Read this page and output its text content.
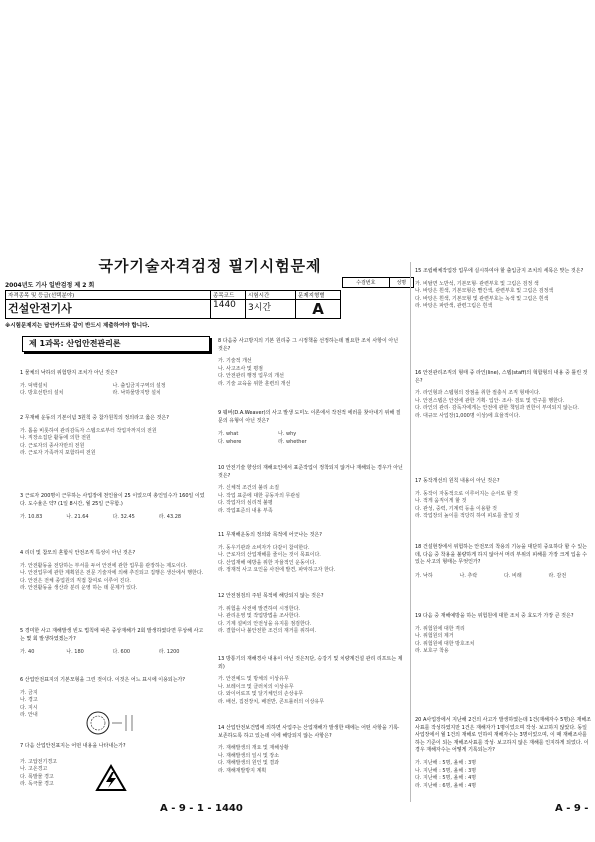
국가기술자격검정 필기시험문제
2004년도 기사 일반검정 제 2 회	수검번호	성명
자격종목 및 등급(선택분야)	종목코드	시험시간	문제지형별	
건설안전기사	1440	3시간	A	
※시험문제지는 답안카드와 같이 반드시 제출하여야 합니다.
제 1과목: 산업안전관리론
1 물체의 낙하의 위험방지 조치가 아닌 것은?
가. 덕백설치	나. 출입금지구역의 설정
다. 방호선반의 설치	라. 낙하물방지망 설치
2 무재해 운동의 기본이념 3원칙 중 참가원칙의 정의라고 옳은 것은?
가. 톱을 비롯하여 관리감독자 스텝으로부터 작업자까지의 전원
나. 직장소집단 활동에 의한 전원
다. 근로자의 종사자만의 전원
라. 근로자 가족까지 포함하여 전원
3 근로자 200명이 근무하는 사업장에 천인율이 25 이었으며 총인일수가 160일 이었다. 도수율은 약? (1일 8시간, 월 25일 근무함.)
가. 10.83	나. 21.64	다. 32.45	라. 43.28
4 리더 및 참모의 혼합식 안전조직 특성이 아닌 것은?
가. 안전활동을 전담하는 부서를 두어 안전에 관한 업무를 관장하는 제도이다.
나. 안전업무에 관한 계획원은 전문 기술자에 의해 추진되고 집행은 생산에서 행한다.
다. 안전은 전체 종업원의 직접 참여로 이루어 진다.
라. 안전활동을 생산과 분리 운영 하는 데 문제가 있다.
5 경미한 사고 재해발생 빈도 법칙에 따른 중상재해가 2회 발생하였다면 무상해 사고는 몇 회 발생하였겠는가?
가. 40	나. 180	다. 600	라. 1200
6 산업안전표지의 기본모형을 그린 것이다. 이것은 어느 표시에 이용되는가?
가. 금지
나. 경고
다. 지시
라. 안내
7 다음 산업안전표지는 어떤 내용을 나타내는가?
가. 고압전기경고
나. 고온경고
다. 폭발물 경고
라. 독극물 경고
8 다음중 사고방지의 기본 원리중 그 시정책을 선정하는데 필요한 조치 사항이 아닌 것은?
가. 기술적 개선
나. 사고조사 및 평점
다. 안전관리 행정 업무의 개선
라. 기술 교육을 위한 훈련의 개선
9 웨버(D.A.Weaver)의 사고 발생 도미노 이론에서 작전적 에러를 찾아내기 위해 질문의 유형이 아닌 것은?
가. what	나. why
다. where	라. whether
10 안전기술 향상의 재해요인에서 표준작업이 정착되지 않거나 재해되는 경우가 아닌 것은?
가. 신체적 조건의 불리 소질
나. 작업 표준에 대한 공동자의 무관심
다. 작업자의 심리적 불평
라. 작업표준의 내용 부족
11 무재해운동의 정의와 목적에 어긋나는 것은?
가. 동우기관과 소비자가 다같이 참여한다.
나. 근로자의 산업재해를 줄이는 것이 목표이다.
다. 산업재해 예방을 위한 자율적인 운동이다.
라. 정재적 사고 요인을 사전에 발견, 파악하고자 한다.
12 안전점검의 주된 목적에 해당되지 않는 것은?
가. 위험을 사전에 발견하여 시정한다.
나. 관리운영 및 작업방법을 조사한다.
다. 기계 설비의 안전성을 유지를 점검한다.
라. 결함이나 불안전한 조건의 재거를 위하여.
13 방통기의 재해경사 내용이 아닌 것은?(단, 승강기 및 치량계건설 관리 리프트는 제외)
가. 안전예드 및 방체의 이상유무
나. 브레이크 및 클러치의 이상유무
다. 와이어로프 및 달기체인의 손상유무
라. 배선, 집전장치, 배전반, 콘트롤러의 이상유무
14 산업안전보건법에 의하면 사업주는 산업재해가 발생한 때에는 어떤 사항을 기록·보존하도록 하고 있는데 이에 해당되지 않는 사항은?
가. 재해발생의 개요 및 재해상황
나. 재해발생의 일시 및 장소
다. 재해발생의 원인 및 결과
라. 재해재발방지 계획
15 조립해체작업장 업무에 실시하여야 할 출입금지 조치의 세목은 맞는 것은?
가. 비탈면 노반석, 기본모형· 관련부호 및 그림은 검정 색
나. 바탕은 흰색, 기본모형은 빨간색, 관련부호 및 그림은 검정색
다. 바탕은 흰색, 기본모형 및 관련부호는 녹색 및 그림은 흰색
라. 바탕은 파란색, 관련그림은 흰색
16 안전관리조직의 형태 중 라인(line), 스텝(staff)의 혁합형의 내용 중 틀린 것은?
가. 라인형과 스텝형의 장점을 취한 절충식 조직 형태이다.
나. 안전스텝은 안전에 관한 기획· 입안· 조사· 검토 및 연구를 행한다.
다. 라인의 관리· 감독자에게는 안전에 관한 책임과 권한이 부여되지 않는다.
라. 대규모 사업장(1,000명 이상)에 효율적이다.
17 동작개선의 원칙 내용이 아닌 것은?
가. 동작이 자동적으로 이루어지는 순서로 할 것
나. 적게 움직이게 할 것
다. 관성, 중력, 기계력 등을 이용할 것
라. 작업장의 높이를 적당히 하여 피로를 줄일 것
18 건설현장에서 위험하는 안전모의 착용의 기능을 대단히 중요하다 할 수 있는데, 다음 중 착용을 불량하게 하지 않아서 머리 부위의 피해를 가장 크게 입을 수 있는 사고의 형태는 무엇인가?
가. 낙하	나. 추락	다. 비래	라. 감전
19 다음 중 재해예방을 하는 위험원에 대한 조치 중 효도가 가장 큰 것은?
가. 위험원에 대한 격리
나. 위험원의 제거
다. 위험원에 대한 방호조치
라. 보호구 착용
20 A사업장에서 지난해 2건의 사고가 발생하였는데 1건(재해자수 5명)은 재해조사표를 작성하였지만 1건은 재해자가 1명이었으며 작성· 보고하지 않았다. 동일 사업장에서 월 1건의 재해로 인하여 재해자수는 3명이었으며, 이 때 재해조사를 하는 기준이 되는 재해조사표를 작성· 보고하지 않은 재해를 인지하게 되었다. 이 경우 재해자수는 어떻게 기록되는가?
가. 지난해 : 5명, 올해 : 3명
나. 지난해 : 5명, 올해 : 3명
다. 지난해 : 5명, 올해 : 4명
라. 지난해 : 6명, 올해 : 4명
A - 9 - 1 - 1440	A - 9 -
